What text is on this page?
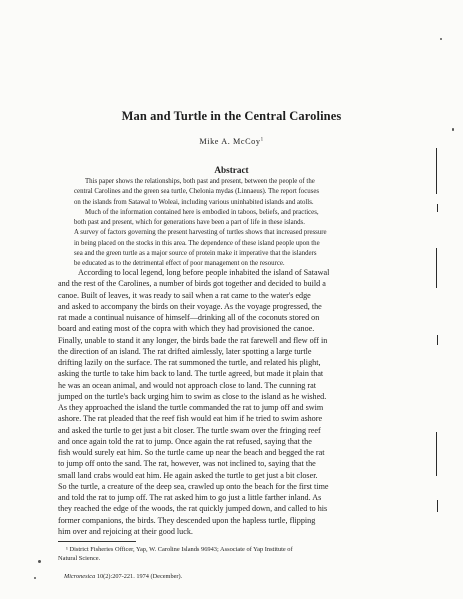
Man and Turtle in the Central Carolines
Mike A. McCoy$^1$
Abstract
This paper shows the relationships, both past and present, between the people of the
central Carolines and the green sea turtle, Chelonia mydas (Linnaeus). The report focuses
on the islands from Satawal to Woleai, including various uninhabited islands and atolls.
Much of the information contained here is embodied in taboos, beliefs, and practices,
both past and present, which for generations have been a part of life in these islands.
A survey of factors governing the present harvesting of turtles shows that increased pressure
in being placed on the stocks in this area. The dependence of these island people upon the
sea and the green turtle as a major source of protein make it imperative that the islanders
be educated as to the detrimental effect of poor management on the resource.
According to local legend, long before people inhabited the island of Satawal
and the rest of the Carolines, a number of birds got together and decided to build a
canoe. Built of leaves, it was ready to sail when a rat came to the water's edge
and asked to accompany the birds on their voyage. As the voyage progressed, the
rat made a continual nuisance of himself—drinking all of the coconuts stored on
board and eating most of the copra with which they had provisioned the canoe.
Finally, unable to stand it any longer, the birds bade the rat farewell and flew off in
the direction of an island. The rat drifted aimlessly, later spotting a large turtle
drifting lazily on the surface. The rat summoned the turtle, and related his plight,
asking the turtle to take him back to land. The turtle agreed, but made it plain that
he was an ocean animal, and would not approach close to land. The cunning rat
jumped on the turtle's back urging him to swim as close to the island as he wished.
As they approached the island the turtle commanded the rat to jump off and swim
ashore. The rat pleaded that the reef fish would eat him if he tried to swim ashore
and asked the turtle to get just a bit closer. The turtle swam over the fringing reef
and once again told the rat to jump. Once again the rat refused, saying that the
fish would surely eat him. So the turtle came up near the beach and begged the rat
to jump off onto the sand. The rat, however, was not inclined to, saying that the
small land crabs would eat him. He again asked the turtle to get just a bit closer.
So the turtle, a creature of the deep sea, crawled up onto the beach for the first time
and told the rat to jump off. The rat asked him to go just a little farther inland. As
they reached the edge of the woods, the rat quickly jumped down, and called to his
former companions, the birds. They descended upon the hapless turtle, flipping
him over and rejoicing at their good luck.
¹ District Fisheries Officer, Yap, W. Caroline Islands 96943; Associate of Yap Institute of
Natural Science.
Micronesica 10(2):207-221. 1974 (December).
